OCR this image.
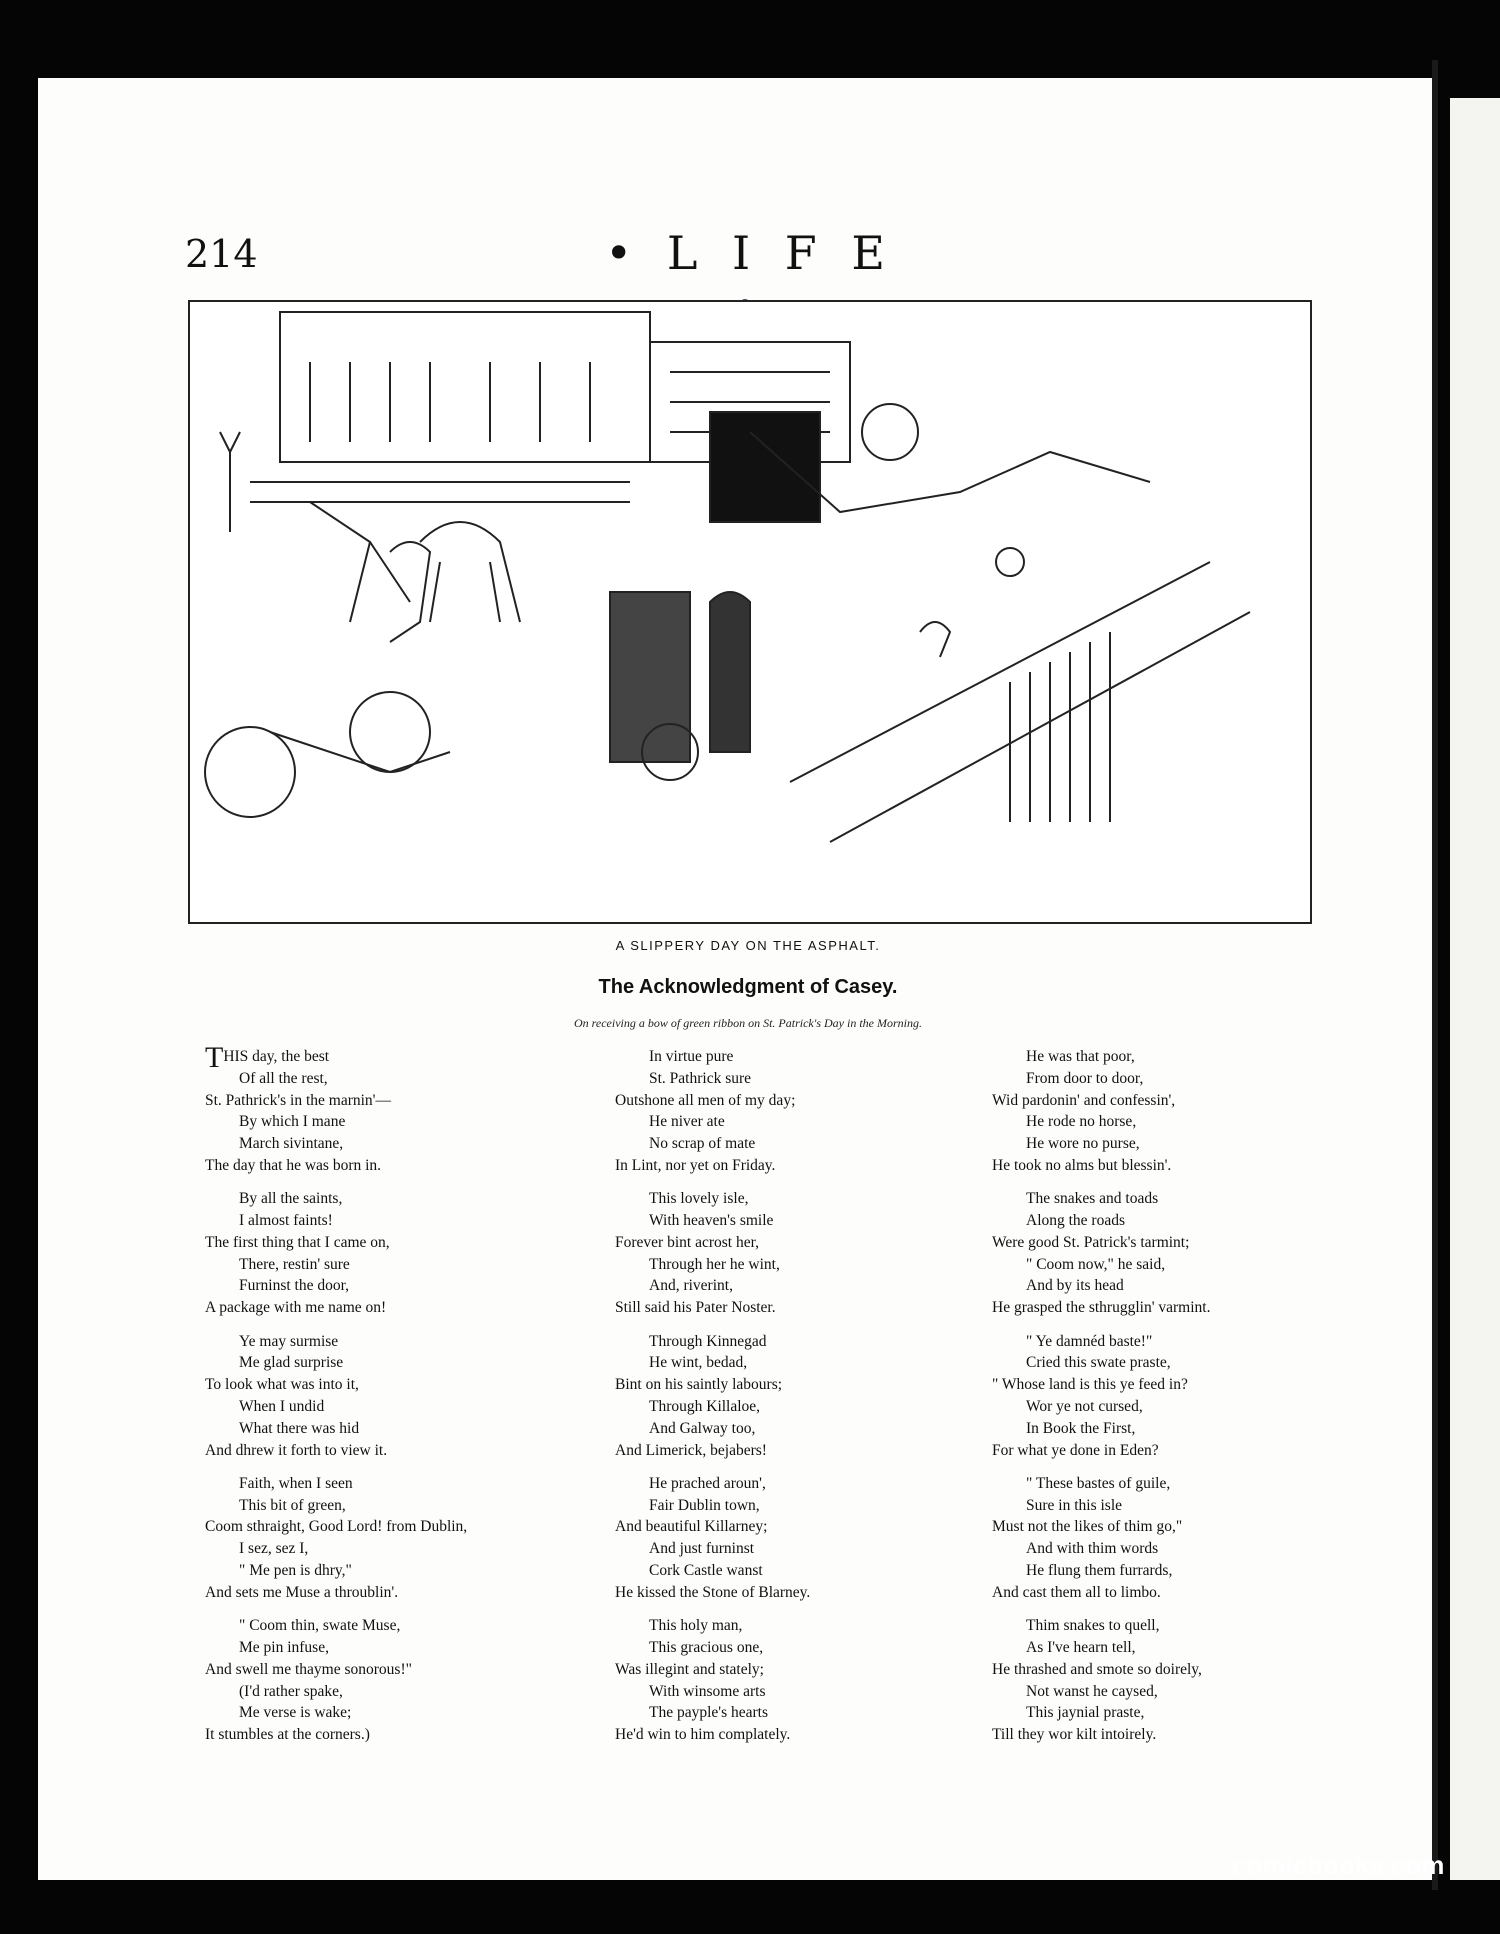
214	• L I F E
A SLIPPERY DAY ON THE ASPHALT.
The Acknowledgment of Casey.
On receiving a bow of green ribbon on St. Patrick's Day in the Morning.
THIS day, the best
Of all the rest,
St. Pathrick's in the marnin'—
By which I mane
March sivintane,
The day that he was born in.
By all the saints,
I almost faints!
The first thing that I came on,
There, restin' sure
Furninst the door,
A package with me name on!
Ye may surmise
Me glad surprise
To look what was into it,
When I undid
What there was hid
And dhrew it forth to view it.
Faith, when I seen
This bit of green,
Coom sthraight, Good Lord! from Dublin,
I sez, sez I,
" Me pen is dhry,"
And sets me Muse a throublin'.
" Coom thin, swate Muse,
Me pin infuse,
And swell me thayme sonorous!"
(I'd rather spake,
Me verse is wake;
It stumbles at the corners.)
In virtue pure
St. Pathrick sure
Outshone all men of my day;
He niver ate
No scrap of mate
In Lint, nor yet on Friday.
This lovely isle,
With heaven's smile
Forever bint acrost her,
Through her he wint,
And, riverint,
Still said his Pater Noster.
Through Kinnegad
He wint, bedad,
Bint on his saintly labours;
Through Killaloe,
And Galway too,
And Limerick, bejabers!
He prached aroun',
Fair Dublin town,
And beautiful Killarney;
And just furninst
Cork Castle wanst
He kissed the Stone of Blarney.
This holy man,
This gracious one,
Was illegint and stately;
With winsome arts
The payple's hearts
He'd win to him complately.
He was that poor,
From door to door,
Wid pardonin' and confessin',
He rode no horse,
He wore no purse,
He took no alms but blessin'.
The snakes and toads
Along the roads
Were good St. Patrick's tarmint;
" Coom now," he said,
And by its head
He grasped the sthrugglin' varmint.
" Ye damnéd baste!"
Cried this swate praste,
" Whose land is this ye feed in?
Wor ye not cursed,
In Book the First,
For what ye done in Eden?
" These bastes of guile,
Sure in this isle
Must not the likes of thim go,"
And with thim words
He flung them furrards,
And cast them all to limbo.
Thim snakes to quell,
As I've hearn tell,
He thrashed and smote so doirely,
Not wanst he caysed,
This jaynial praste,
Till they wor kilt intoirely.
comicbooks.com
